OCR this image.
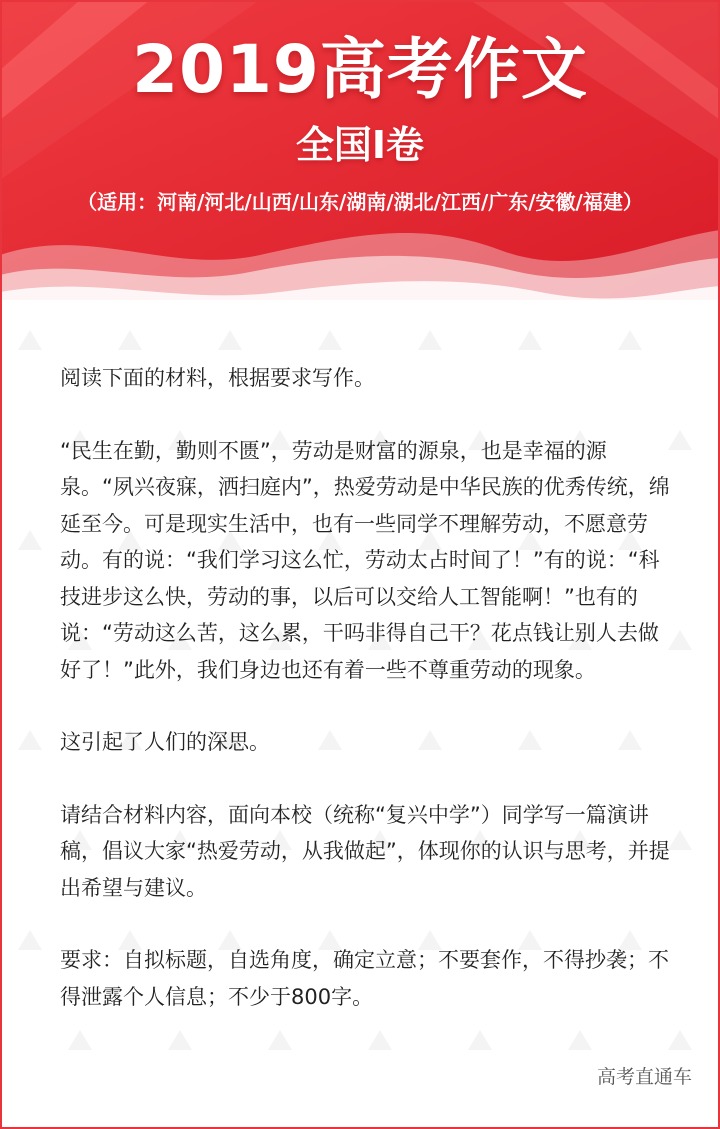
2019高考作文
全国Ⅰ卷
（适用：河南/河北/山西/山东/湖南/湖北/江西/广东/安徽/福建）

阅读下面的材料，根据要求写作。

“民生在勤，勤则不匮”，劳动是财富的源泉，也是幸福的源泉。“夙兴夜寐，洒扫庭内”，热爱劳动是中华民族的优秀传统，绵延至今。可是现实生活中，也有一些同学不理解劳动，不愿意劳动。有的说：“我们学习这么忙，劳动太占时间了！”有的说：“科技进步这么快，劳动的事，以后可以交给人工智能啊！”也有的说：“劳动这么苦，这么累，干吗非得自己干？花点钱让别人去做好了！”此外，我们身边也还有着一些不尊重劳动的现象。

这引起了人们的深思。

请结合材料内容，面向本校（统称“复兴中学”）同学写一篇演讲稿，倡议大家“热爱劳动，从我做起”，体现你的认识与思考，并提出希望与建议。

要求：自拟标题，自选角度，确定立意；不要套作，不得抄袭；不得泄露个人信息；不少于800字。

高考直通车
